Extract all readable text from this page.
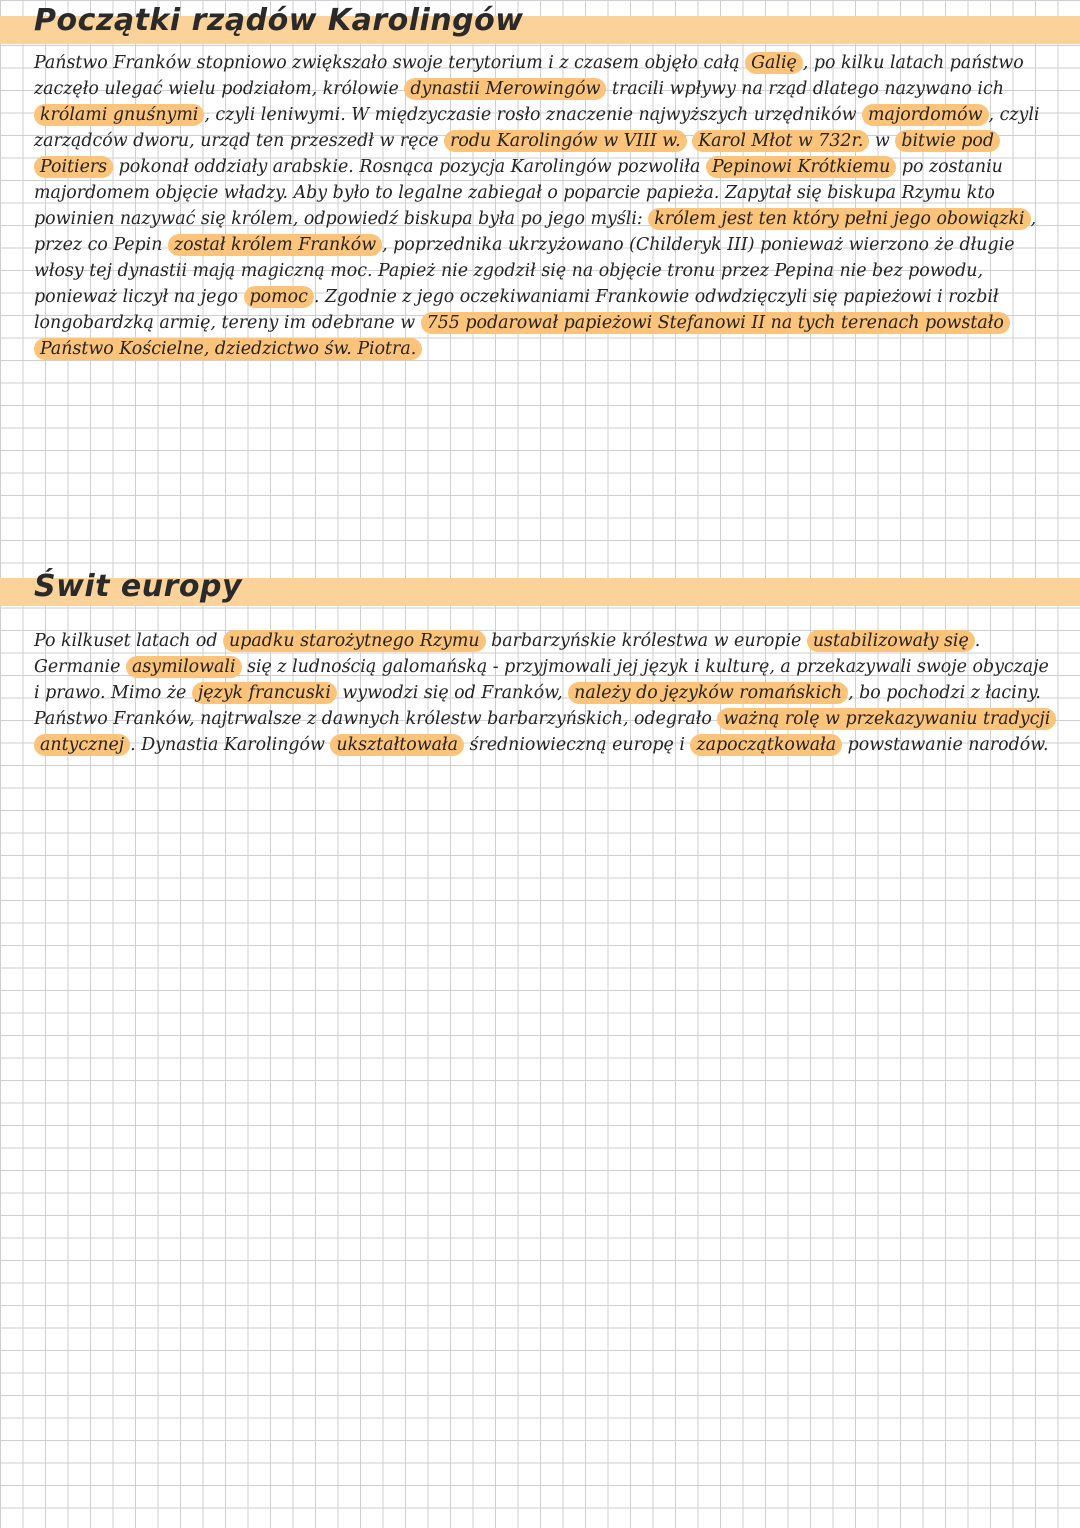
Początki rządów Karolingów

Państwo Franków stopniowo zwiększało swoje terytorium i z czasem objęło całą Galię , po kilku latach państwo zaczęło ulegać wielu podziałom, królowie dynastii Merowingów tracili wpływy na rząd dlatego nazywano ich królami gnuśnymi , czyli leniwymi. W międzyczasie rosło znaczenie najwyższych urzędników majordomów , czyli zarządców dworu, urząd ten przeszedł w ręce rodu Karolingów w VIII w. Karol Młot w 732r. w bitwie pod Poitiers pokonał oddziały arabskie. Rosnąca pozycja Karolingów pozwoliła Pepinowi Krótkiemu po zostaniu majordomem objęcie władzy. Aby było to legalne zabiegał o poparcie papieża. Zapytał się biskupa Rzymu kto powinien nazywać się królem, odpowiedź biskupa była po jego myśli: królem jest ten który pełni jego obowiązki , przez co Pepin został królem Franków , poprzednika ukrzyżowano (Childeryk III) ponieważ wierzono że długie włosy tej dynastii mają magiczną moc. Papież nie zgodził się na objęcie tronu przez Pepina nie bez powodu, ponieważ liczył na jego pomoc . Zgodnie z jego oczekiwaniami Frankowie odwdzięczyli się papieżowi i rozbił longobardzką armię, tereny im odebrane w 755 podarował papieżowi Stefanowi II na tych terenach powstało Państwo Kościelne, dziedzictwo św. Piotra.

Świt europy

Po kilkuset latach od upadku starożytnego Rzymu barbarzyńskie królestwa w europie ustabilizowały się . Germanie asymilowali się z ludnością galomańską - przyjmowali jej język i kulturę, a przekazywali swoje obyczaje i prawo. Mimo że język francuski wywodzi się od Franków, należy do języków romańskich , bo pochodzi z łaciny. Państwo Franków, najtrwalsze z dawnych królestw barbarzyńskich, odegrało ważną rolę w przekazywaniu tradycji antycznej . Dynastia Karolingów ukształtowała średniowieczną europę i zapoczątkowała powstawanie narodów.
